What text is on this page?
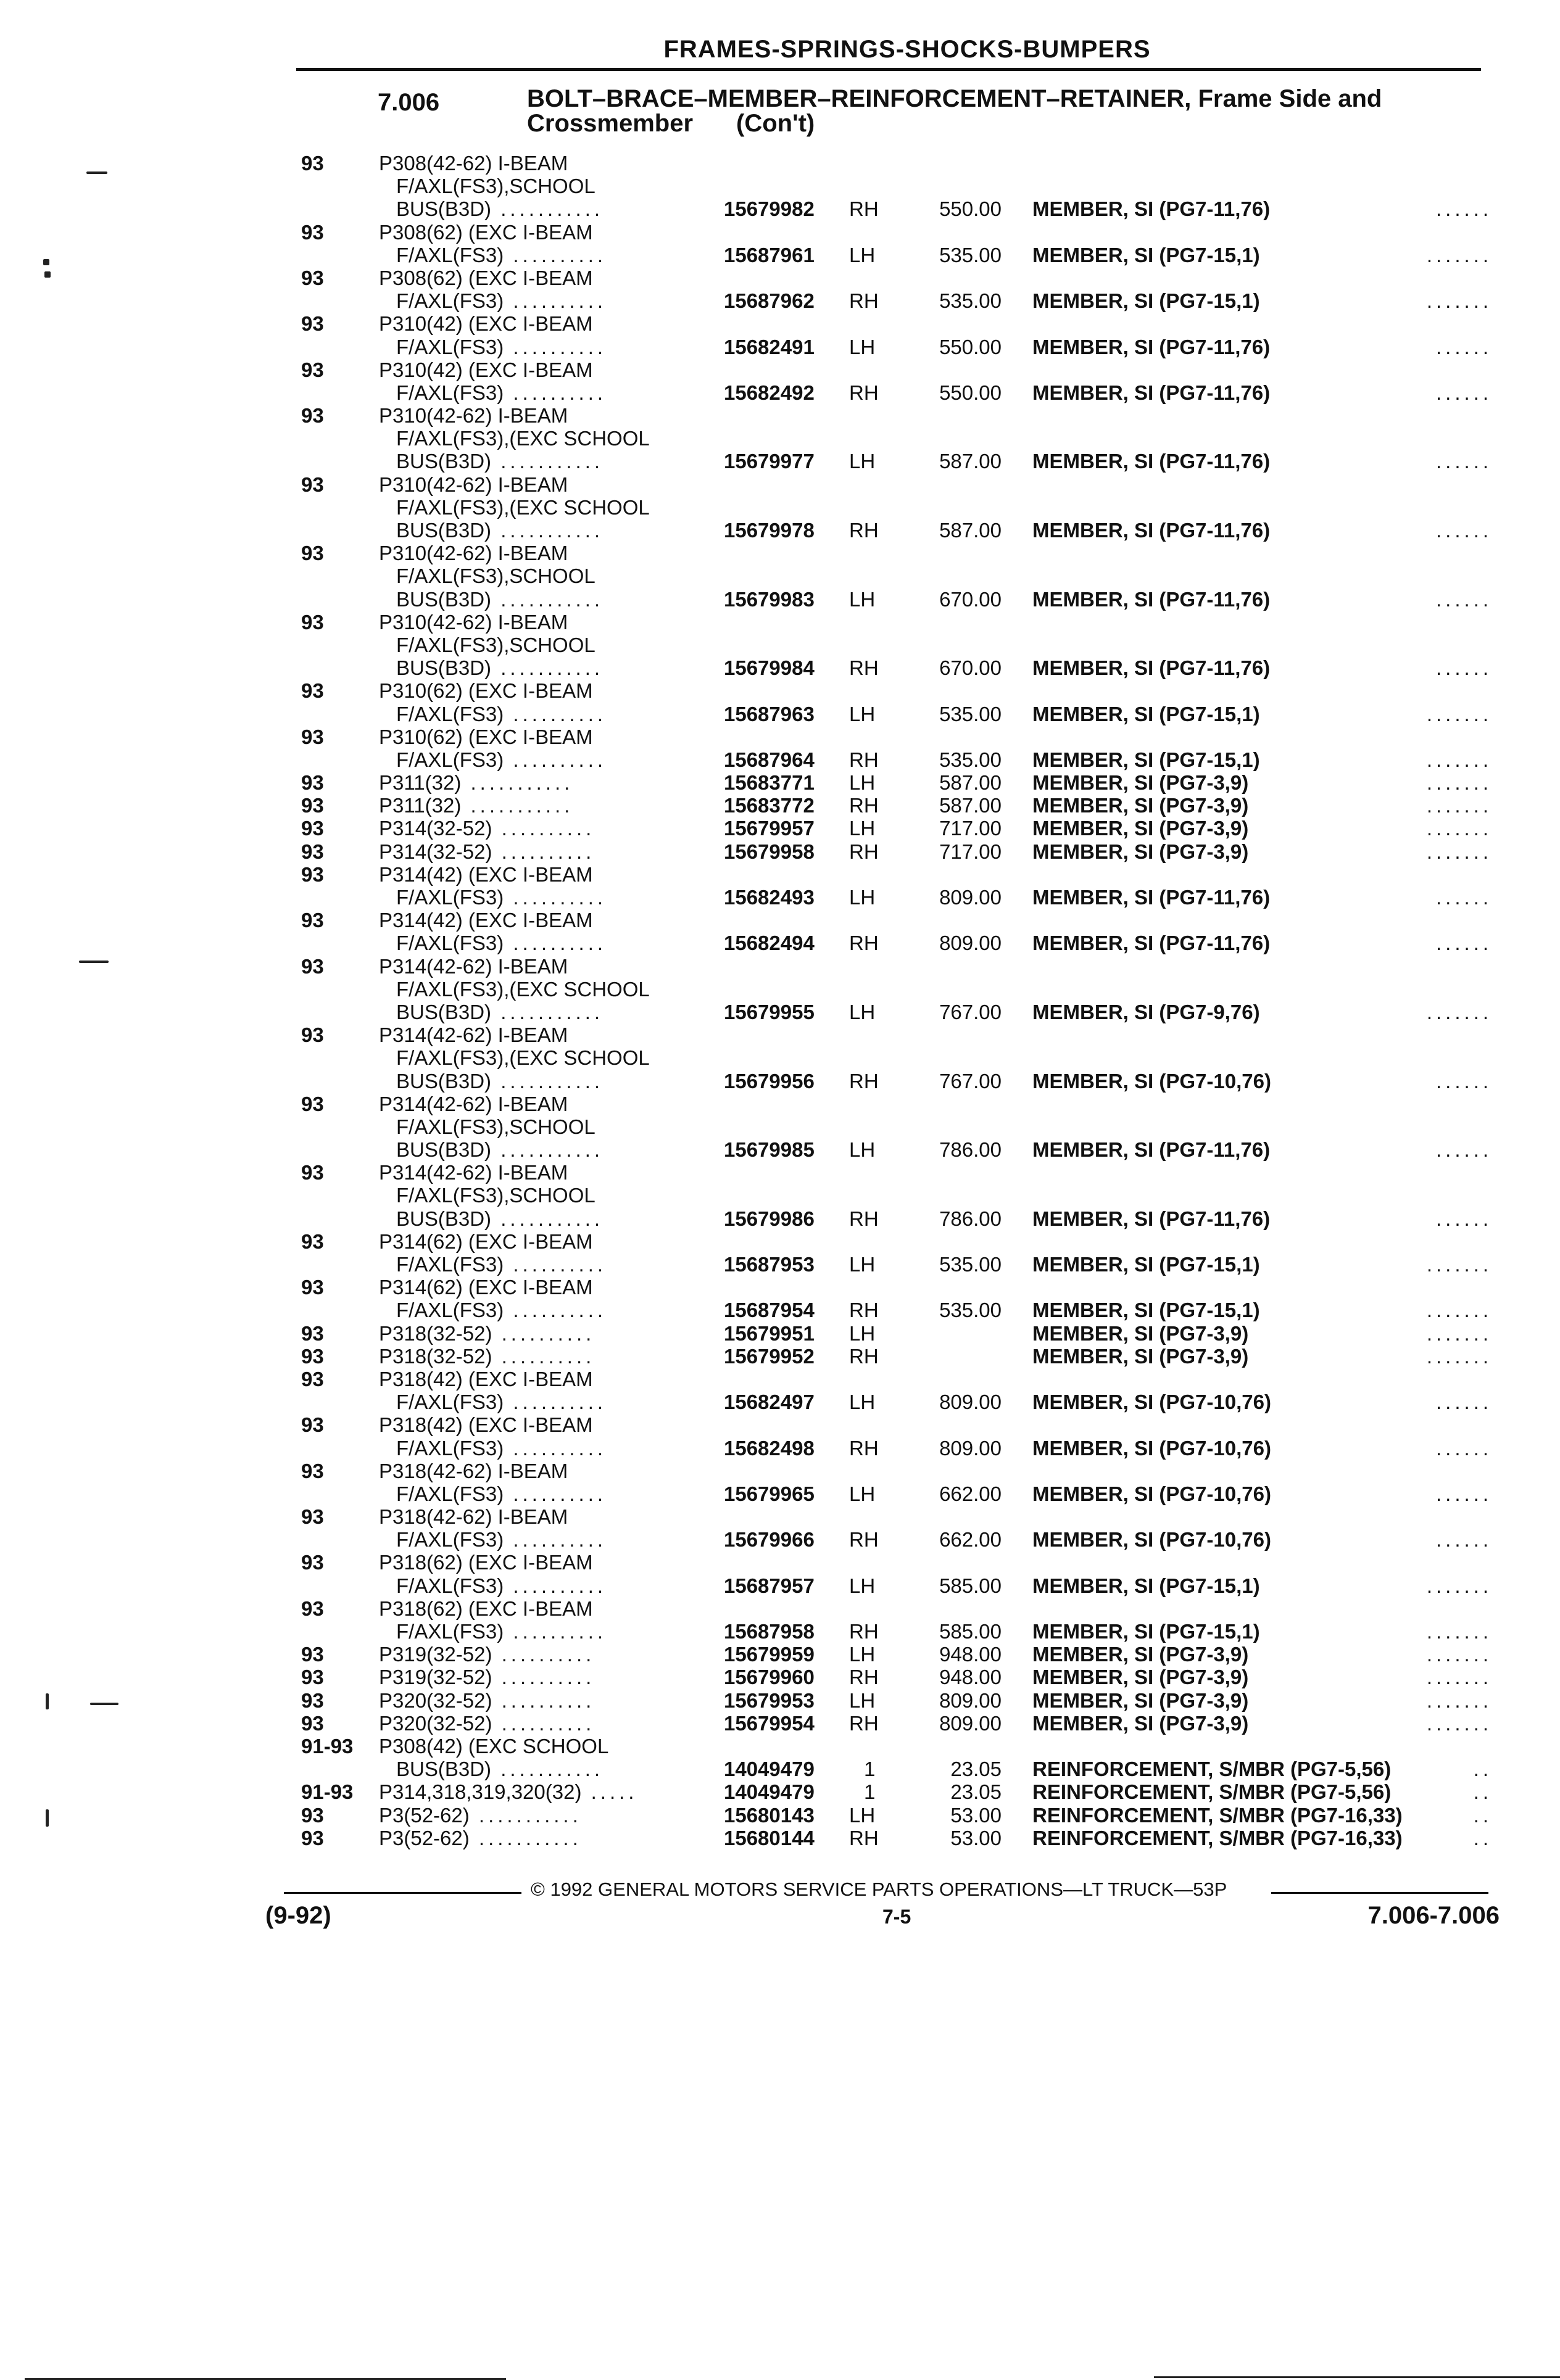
FRAMES-SPRINGS-SHOCKS-BUMPERS
7.006	BOLT–BRACE–MEMBER–REINFORCEMENT–RETAINER, Frame Side and
Crossmember (Con't)
93	P308(42-62) I-BEAM
F/AXL(FS3),SCHOOL
BUS(B3D) ...........	15679982 RH	550.00 MEMBER, SI (PG7-11,76)	......
93	P308(62) (EXC I-BEAM
F/AXL(FS3) ..........	15687961 LH	535.00 MEMBER, SI (PG7-15,1)	.......
93	P308(62) (EXC I-BEAM
F/AXL(FS3) ..........	15687962 RH	535.00 MEMBER, SI (PG7-15,1)	.......
93	P310(42) (EXC I-BEAM
F/AXL(FS3) ..........	15682491 LH	550.00 MEMBER, SI (PG7-11,76)	......
93	P310(42) (EXC I-BEAM
F/AXL(FS3) ..........	15682492 RH	550.00 MEMBER, SI (PG7-11,76)	......
93	P310(42-62) I-BEAM
F/AXL(FS3),(EXC SCHOOL
BUS(B3D) ...........	15679977 LH	587.00 MEMBER, SI (PG7-11,76)	......
93	P310(42-62) I-BEAM
F/AXL(FS3),(EXC SCHOOL
BUS(B3D) ...........	15679978 RH	587.00 MEMBER, SI (PG7-11,76)	......
93	P310(42-62) I-BEAM
F/AXL(FS3),SCHOOL
BUS(B3D) ...........	15679983 LH	670.00 MEMBER, SI (PG7-11,76)	......
93	P310(42-62) I-BEAM
F/AXL(FS3),SCHOOL
BUS(B3D) ...........	15679984 RH	670.00 MEMBER, SI (PG7-11,76)	......
93	P310(62) (EXC I-BEAM
F/AXL(FS3) ..........	15687963 LH	535.00 MEMBER, SI (PG7-15,1)	.......
93	P310(62) (EXC I-BEAM
F/AXL(FS3) ..........	15687964 RH	535.00 MEMBER, SI (PG7-15,1)	.......
93	P311(32) ...........	15683771 LH	587.00 MEMBER, SI (PG7-3,9)	.......
93	P311(32) ...........	15683772 RH	587.00 MEMBER, SI (PG7-3,9)	.......
93	P314(32-52) ..........	15679957 LH	717.00 MEMBER, SI (PG7-3,9)	.......
93	P314(32-52) ..........	15679958 RH	717.00 MEMBER, SI (PG7-3,9)	.......
93	P314(42) (EXC I-BEAM
F/AXL(FS3) ..........	15682493 LH	809.00 MEMBER, SI (PG7-11,76)	......
93	P314(42) (EXC I-BEAM
F/AXL(FS3) ..........	15682494 RH	809.00 MEMBER, SI (PG7-11,76)	......
93	P314(42-62) I-BEAM
F/AXL(FS3),(EXC SCHOOL
BUS(B3D) ...........	15679955 LH	767.00 MEMBER, SI (PG7-9,76)	.......
93	P314(42-62) I-BEAM
F/AXL(FS3),(EXC SCHOOL
BUS(B3D) ...........	15679956 RH	767.00 MEMBER, SI (PG7-10,76)	......
93	P314(42-62) I-BEAM
F/AXL(FS3),SCHOOL
BUS(B3D) ...........	15679985 LH	786.00 MEMBER, SI (PG7-11,76)	......
93	P314(42-62) I-BEAM
F/AXL(FS3),SCHOOL
BUS(B3D) ...........	15679986 RH	786.00 MEMBER, SI (PG7-11,76)	......
93	P314(62) (EXC I-BEAM
F/AXL(FS3) ..........	15687953 LH	535.00 MEMBER, SI (PG7-15,1)	.......
93	P314(62) (EXC I-BEAM
F/AXL(FS3) ..........	15687954 RH	535.00 MEMBER, SI (PG7-15,1)	.......
93	P318(32-52) ..........	15679951 LH	MEMBER, SI (PG7-3,9)	.......
93	P318(32-52) ..........	15679952 RH	MEMBER, SI (PG7-3,9)	.......
93	P318(42) (EXC I-BEAM
F/AXL(FS3) ..........	15682497 LH	809.00 MEMBER, SI (PG7-10,76)	......
93	P318(42) (EXC I-BEAM
F/AXL(FS3) ..........	15682498 RH	809.00 MEMBER, SI (PG7-10,76)	......
93	P318(42-62) I-BEAM
F/AXL(FS3) ..........	15679965 LH	662.00 MEMBER, SI (PG7-10,76)	......
93	P318(42-62) I-BEAM
F/AXL(FS3) ..........	15679966 RH	662.00 MEMBER, SI (PG7-10,76)	......
93	P318(62) (EXC I-BEAM
F/AXL(FS3) ..........	15687957 LH	585.00 MEMBER, SI (PG7-15,1)	.......
93	P318(62) (EXC I-BEAM
F/AXL(FS3) ..........	15687958 RH	585.00 MEMBER, SI (PG7-15,1)	.......
93	P319(32-52) ..........	15679959 LH	948.00 MEMBER, SI (PG7-3,9)	.......
93	P319(32-52) ..........	15679960 RH	948.00 MEMBER, SI (PG7-3,9)	.......
93	P320(32-52) ..........	15679953 LH	809.00 MEMBER, SI (PG7-3,9)	.......
93	P320(32-52) ..........	15679954 RH	809.00 MEMBER, SI (PG7-3,9)	.......
91-93 P308(42) (EXC SCHOOL
BUS(B3D) ...........	14049479 1	23.05 REINFORCEMENT, S/MBR (PG7-5,56)	..
91-93 P314,318,319,320(32) .....	14049479 1	23.05 REINFORCEMENT, S/MBR (PG7-5,56)	..
93	P3(52-62) ...........	15680143 LH	53.00 REINFORCEMENT, S/MBR (PG7-16,33)	..
93	P3(52-62) ...........	15680144 RH	53.00 REINFORCEMENT, S/MBR (PG7-16,33)	..
© 1992 GENERAL MOTORS SERVICE PARTS OPERATIONS—LT TRUCK—53P
(9-92)	7-5	7.006-7.006
